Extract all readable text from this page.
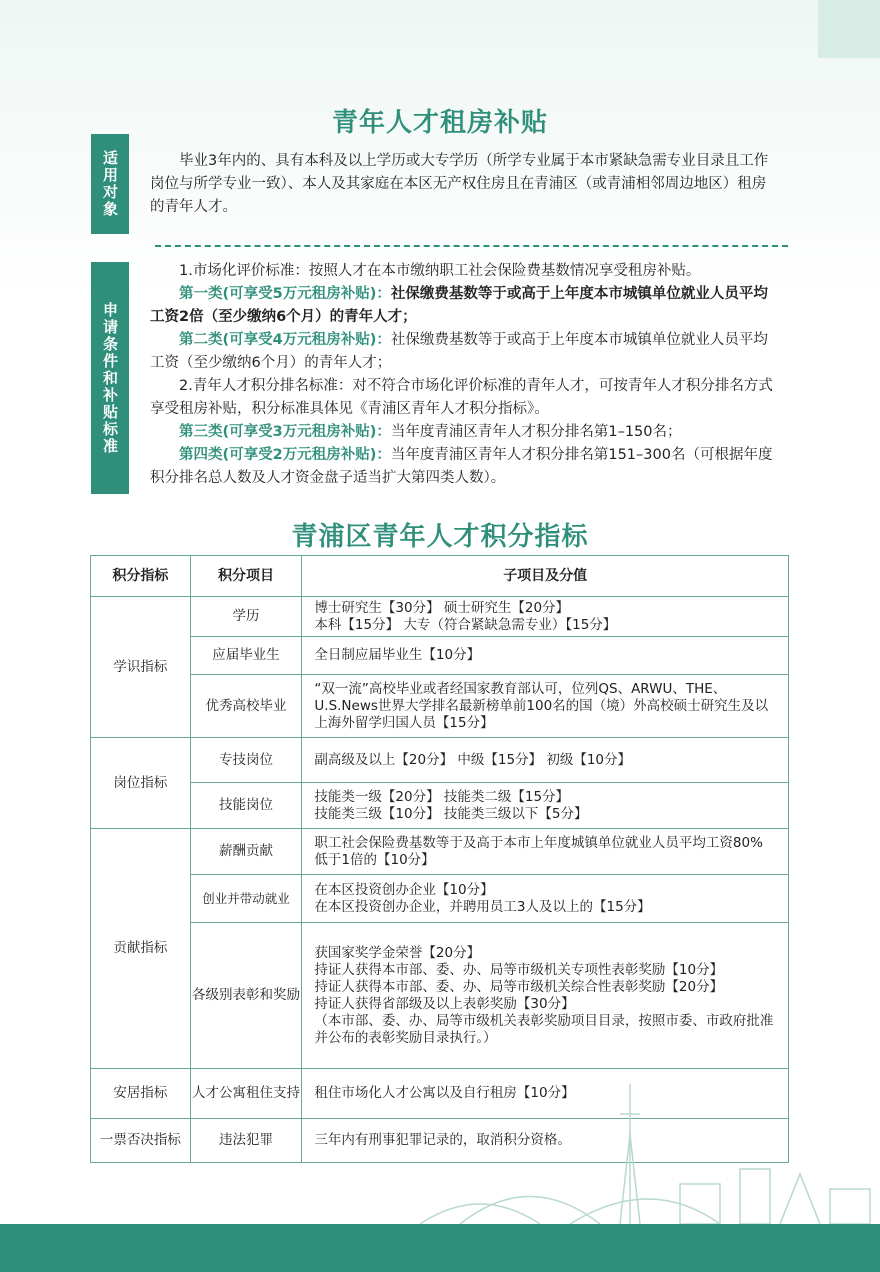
青年人才租房补贴
适用对象	毕业3年内的、具有本科及以上学历或大专学历（所学专业属于本市紧缺急需专业目录且工作岗位与所学专业一致）、本人及其家庭在本区无产权住房且在青浦区（或青浦相邻周边地区）租房的青年人才。

申请条件和补贴标准

1.市场化评价标准：按照人才在本市缴纳职工社会保险费基数情况享受租房补贴。

第一类(可享受5万元租房补贴)：社保缴费基数等于或高于上年度本市城镇单位就业人员平均工资2倍（至少缴纳6个月）的青年人才；

第二类(可享受4万元租房补贴)：社保缴费基数等于或高于上年度本市城镇单位就业人员平均工资（至少缴纳6个月）的青年人才；

2.青年人才积分排名标准：对不符合市场化评价标准的青年人才，可按青年人才积分排名方式享受租房补贴，积分标准具体见《青浦区青年人才积分指标》。

第三类(可享受3万元租房补贴)：当年度青浦区青年人才积分排名第1–150名；

第四类(可享受2万元租房补贴)：当年度青浦区青年人才积分排名第151–300名（可根据年度积分排名总人数及人才资金盘子适当扩大第四类人数）。

青浦区青年人才积分指标
积分指标	积分项目	子项目及分值
学识指标	学历	博士研究生【30分】 硕士研究生【20分】
本科【15分】 大专（符合紧缺急需专业）【15分】

	应届毕业生	全日制应届毕业生【10分】
	优秀高校毕业	“双一流”高校毕业或者经国家教育部认可，位列QS、ARWU、THE、U.S.News世界大学排名最新榜单前100名的国（境）外高校硕士研究生及以上海外留学归国人员【15分】
岗位指标	专技岗位	副高级及以上【20分】 中级【15分】 初级【10分】
	技能岗位	技能类一级【20分】 技能类二级【15分】
技能类三级【10分】 技能类三级以下【5分】

贡献指标	薪酬贡献	职工社会保险费基数等于及高于本市上年度城镇单位就业人员平均工资80%低于1倍的【10分】
	创业并带动就业	在本区投资创办企业【10分】
在本区投资创办企业，并聘用员工3人及以上的【15分】

	各级别表彰和奖励	获国家奖学金荣誉【20分】
持证人获得本市部、委、办、局等市级机关专项性表彰奖励【10分】
持证人获得本市部、委、办、局等市级机关综合性表彰奖励【20分】
持证人获得省部级及以上表彰奖励【30分】
（本市部、委、办、局等市级机关表彰奖励项目目录，按照市委、市政府批准并公布的表彰奖励目录执行。）

安居指标	人才公寓租住支持	租住市场化人才公寓以及自行租房【10分】
一票否决指标	违法犯罪	三年内有刑事犯罪记录的，取消积分资格。
